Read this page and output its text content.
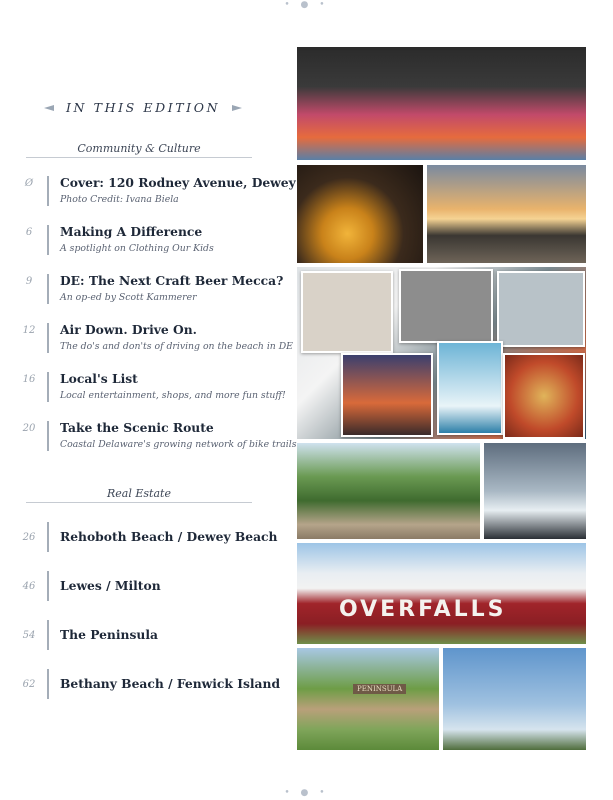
• ● •
IN THIS EDITION
Community & Culture
Ø	Cover: 120 Rodney Avenue, Dewey
Photo Credit: Ivana Biela
6	Making A Difference
A spotlight on Clothing Our Kids
9	DE: The Next Craft Beer Mecca?
An op-ed by Scott Kammerer
12	Air Down. Drive On.
The do's and don'ts of driving on the beach in DE
16	Local's List
Local entertainment, shops, and more fun stuff!
20	Take the Scenic Route
Coastal Delaware's growing network of bike trails
Real Estate
26	Rehoboth Beach / Dewey Beach
46	Lewes / Milton
54	The Peninsula
62	Bethany Beach / Fenwick Island
OVERFALLS
PENINSULA
• ● •
